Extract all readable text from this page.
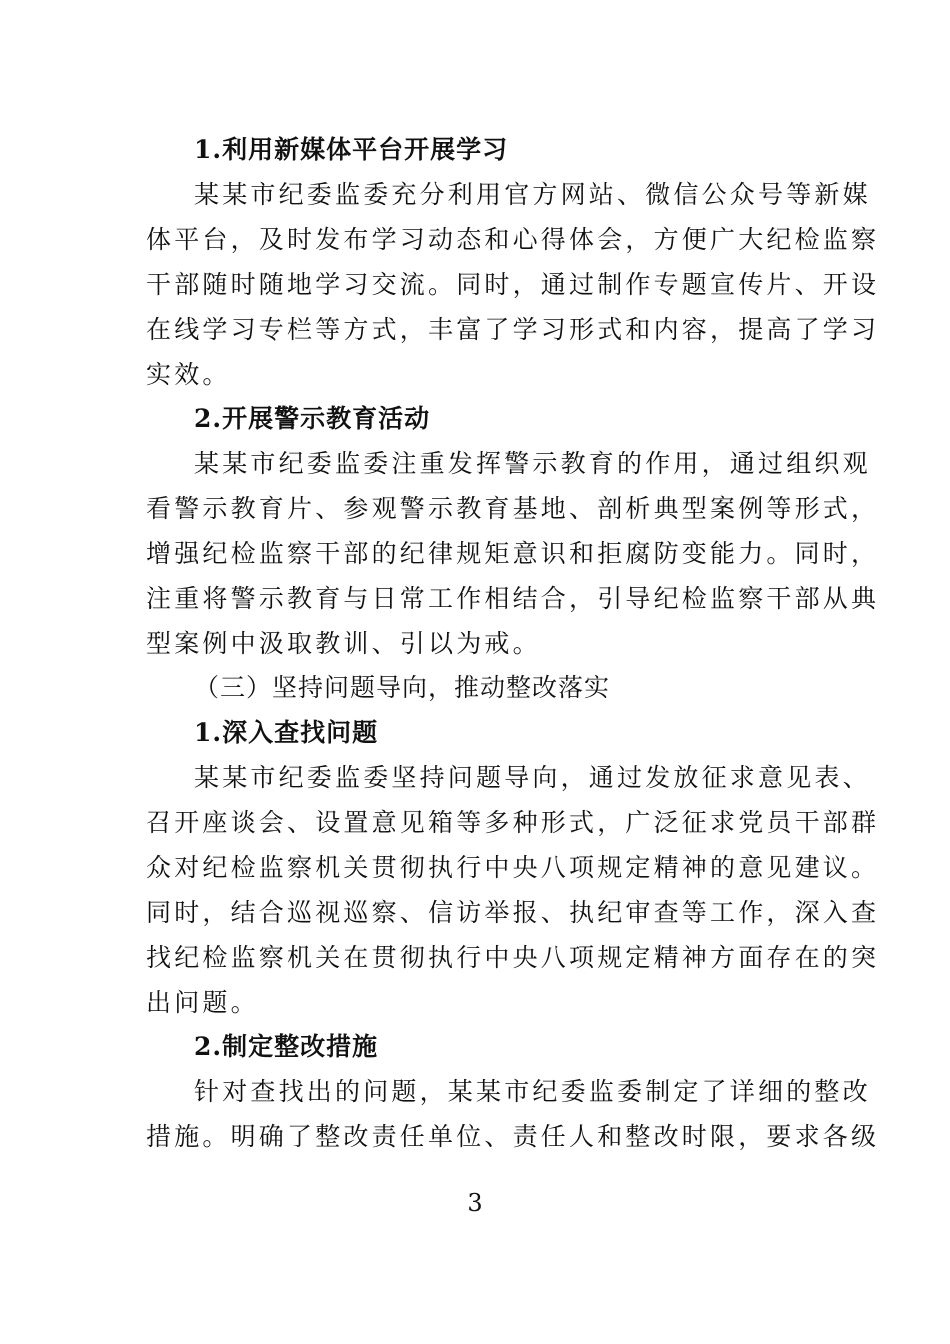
1.利用新媒体平台开展学习
某某市纪委监委充分利用官方网站、微信公众号等新媒
体平台，及时发布学习动态和心得体会，方便广大纪检监察
干部随时随地学习交流。同时，通过制作专题宣传片、开设
在线学习专栏等方式，丰富了学习形式和内容，提高了学习
实效。
2.开展警示教育活动
某某市纪委监委注重发挥警示教育的作用，通过组织观
看警示教育片、参观警示教育基地、剖析典型案例等形式，
增强纪检监察干部的纪律规矩意识和拒腐防变能力。同时，
注重将警示教育与日常工作相结合，引导纪检监察干部从典
型案例中汲取教训、引以为戒。
（三）坚持问题导向，推动整改落实
1.深入查找问题
某某市纪委监委坚持问题导向，通过发放征求意见表、
召开座谈会、设置意见箱等多种形式，广泛征求党员干部群
众对纪检监察机关贯彻执行中央八项规定精神的意见建议。
同时，结合巡视巡察、信访举报、执纪审查等工作，深入查
找纪检监察机关在贯彻执行中央八项规定精神方面存在的突
出问题。
2.制定整改措施
针对查找出的问题，某某市纪委监委制定了详细的整改
措施。明确了整改责任单位、责任人和整改时限，要求各级
3
